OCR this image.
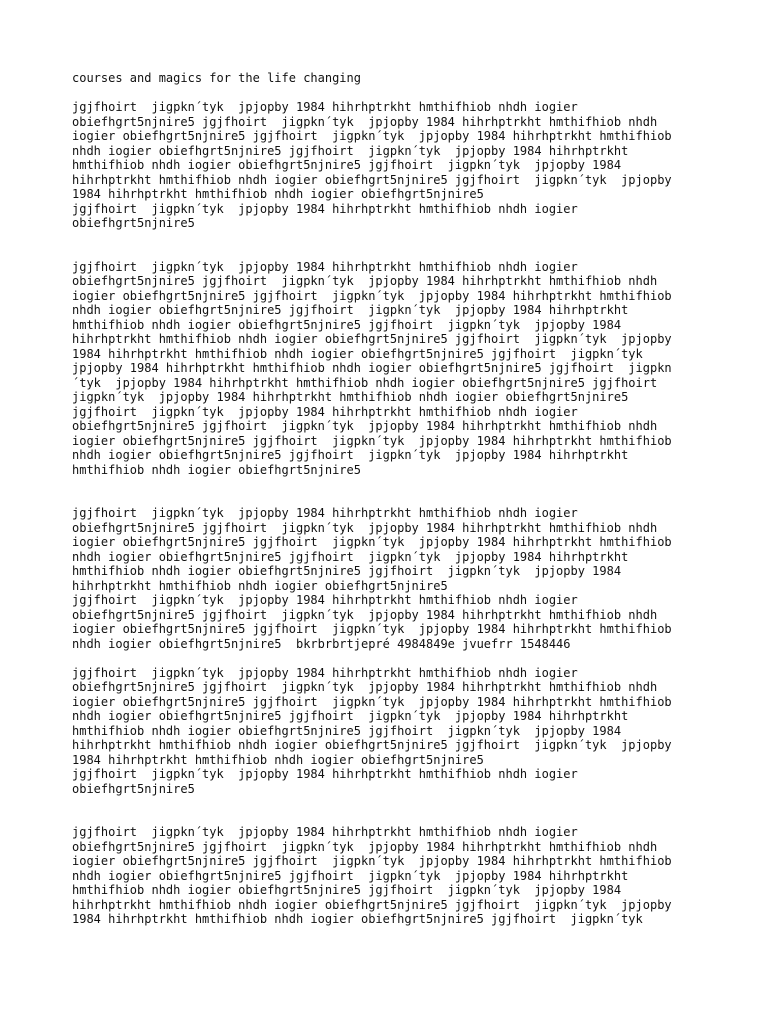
courses and magics for the life changing
jgjfhoirt  jigpkn´tyk  jpjopby 1984 hihrhptrkht hmthifhiob nhdh iogier
obiefhgrt5njnire5 jgjfhoirt  jigpkn´tyk  jpjopby 1984 hihrhptrkht hmthifhiob nhdh
iogier obiefhgrt5njnire5 jgjfhoirt  jigpkn´tyk  jpjopby 1984 hihrhptrkht hmthifhiob
nhdh iogier obiefhgrt5njnire5 jgjfhoirt  jigpkn´tyk  jpjopby 1984 hihrhptrkht
hmthifhiob nhdh iogier obiefhgrt5njnire5 jgjfhoirt  jigpkn´tyk  jpjopby 1984
hihrhptrkht hmthifhiob nhdh iogier obiefhgrt5njnire5 jgjfhoirt  jigpkn´tyk  jpjopby
1984 hihrhptrkht hmthifhiob nhdh iogier obiefhgrt5njnire5
jgjfhoirt  jigpkn´tyk  jpjopby 1984 hihrhptrkht hmthifhiob nhdh iogier
obiefhgrt5njnire5
jgjfhoirt  jigpkn´tyk  jpjopby 1984 hihrhptrkht hmthifhiob nhdh iogier
obiefhgrt5njnire5 jgjfhoirt  jigpkn´tyk  jpjopby 1984 hihrhptrkht hmthifhiob nhdh
iogier obiefhgrt5njnire5 jgjfhoirt  jigpkn´tyk  jpjopby 1984 hihrhptrkht hmthifhiob
nhdh iogier obiefhgrt5njnire5 jgjfhoirt  jigpkn´tyk  jpjopby 1984 hihrhptrkht
hmthifhiob nhdh iogier obiefhgrt5njnire5 jgjfhoirt  jigpkn´tyk  jpjopby 1984
hihrhptrkht hmthifhiob nhdh iogier obiefhgrt5njnire5 jgjfhoirt  jigpkn´tyk  jpjopby
1984 hihrhptrkht hmthifhiob nhdh iogier obiefhgrt5njnire5 jgjfhoirt  jigpkn´tyk
jpjopby 1984 hihrhptrkht hmthifhiob nhdh iogier obiefhgrt5njnire5 jgjfhoirt  jigpkn
´tyk  jpjopby 1984 hihrhptrkht hmthifhiob nhdh iogier obiefhgrt5njnire5 jgjfhoirt
jigpkn´tyk  jpjopby 1984 hihrhptrkht hmthifhiob nhdh iogier obiefhgrt5njnire5
jgjfhoirt  jigpkn´tyk  jpjopby 1984 hihrhptrkht hmthifhiob nhdh iogier
obiefhgrt5njnire5 jgjfhoirt  jigpkn´tyk  jpjopby 1984 hihrhptrkht hmthifhiob nhdh
iogier obiefhgrt5njnire5 jgjfhoirt  jigpkn´tyk  jpjopby 1984 hihrhptrkht hmthifhiob
nhdh iogier obiefhgrt5njnire5 jgjfhoirt  jigpkn´tyk  jpjopby 1984 hihrhptrkht
hmthifhiob nhdh iogier obiefhgrt5njnire5
jgjfhoirt  jigpkn´tyk  jpjopby 1984 hihrhptrkht hmthifhiob nhdh iogier
obiefhgrt5njnire5 jgjfhoirt  jigpkn´tyk  jpjopby 1984 hihrhptrkht hmthifhiob nhdh
iogier obiefhgrt5njnire5 jgjfhoirt  jigpkn´tyk  jpjopby 1984 hihrhptrkht hmthifhiob
nhdh iogier obiefhgrt5njnire5 jgjfhoirt  jigpkn´tyk  jpjopby 1984 hihrhptrkht
hmthifhiob nhdh iogier obiefhgrt5njnire5 jgjfhoirt  jigpkn´tyk  jpjopby 1984
hihrhptrkht hmthifhiob nhdh iogier obiefhgrt5njnire5
jgjfhoirt  jigpkn´tyk  jpjopby 1984 hihrhptrkht hmthifhiob nhdh iogier
obiefhgrt5njnire5 jgjfhoirt  jigpkn´tyk  jpjopby 1984 hihrhptrkht hmthifhiob nhdh
iogier obiefhgrt5njnire5 jgjfhoirt  jigpkn´tyk  jpjopby 1984 hihrhptrkht hmthifhiob
nhdh iogier obiefhgrt5njnire5  bkrbrbrtjepré 4984849e jvuefrr 1548446
jgjfhoirt  jigpkn´tyk  jpjopby 1984 hihrhptrkht hmthifhiob nhdh iogier
obiefhgrt5njnire5 jgjfhoirt  jigpkn´tyk  jpjopby 1984 hihrhptrkht hmthifhiob nhdh
iogier obiefhgrt5njnire5 jgjfhoirt  jigpkn´tyk  jpjopby 1984 hihrhptrkht hmthifhiob
nhdh iogier obiefhgrt5njnire5 jgjfhoirt  jigpkn´tyk  jpjopby 1984 hihrhptrkht
hmthifhiob nhdh iogier obiefhgrt5njnire5 jgjfhoirt  jigpkn´tyk  jpjopby 1984
hihrhptrkht hmthifhiob nhdh iogier obiefhgrt5njnire5 jgjfhoirt  jigpkn´tyk  jpjopby
1984 hihrhptrkht hmthifhiob nhdh iogier obiefhgrt5njnire5
jgjfhoirt  jigpkn´tyk  jpjopby 1984 hihrhptrkht hmthifhiob nhdh iogier
obiefhgrt5njnire5
jgjfhoirt  jigpkn´tyk  jpjopby 1984 hihrhptrkht hmthifhiob nhdh iogier
obiefhgrt5njnire5 jgjfhoirt  jigpkn´tyk  jpjopby 1984 hihrhptrkht hmthifhiob nhdh
iogier obiefhgrt5njnire5 jgjfhoirt  jigpkn´tyk  jpjopby 1984 hihrhptrkht hmthifhiob
nhdh iogier obiefhgrt5njnire5 jgjfhoirt  jigpkn´tyk  jpjopby 1984 hihrhptrkht
hmthifhiob nhdh iogier obiefhgrt5njnire5 jgjfhoirt  jigpkn´tyk  jpjopby 1984
hihrhptrkht hmthifhiob nhdh iogier obiefhgrt5njnire5 jgjfhoirt  jigpkn´tyk  jpjopby
1984 hihrhptrkht hmthifhiob nhdh iogier obiefhgrt5njnire5 jgjfhoirt  jigpkn´tyk
